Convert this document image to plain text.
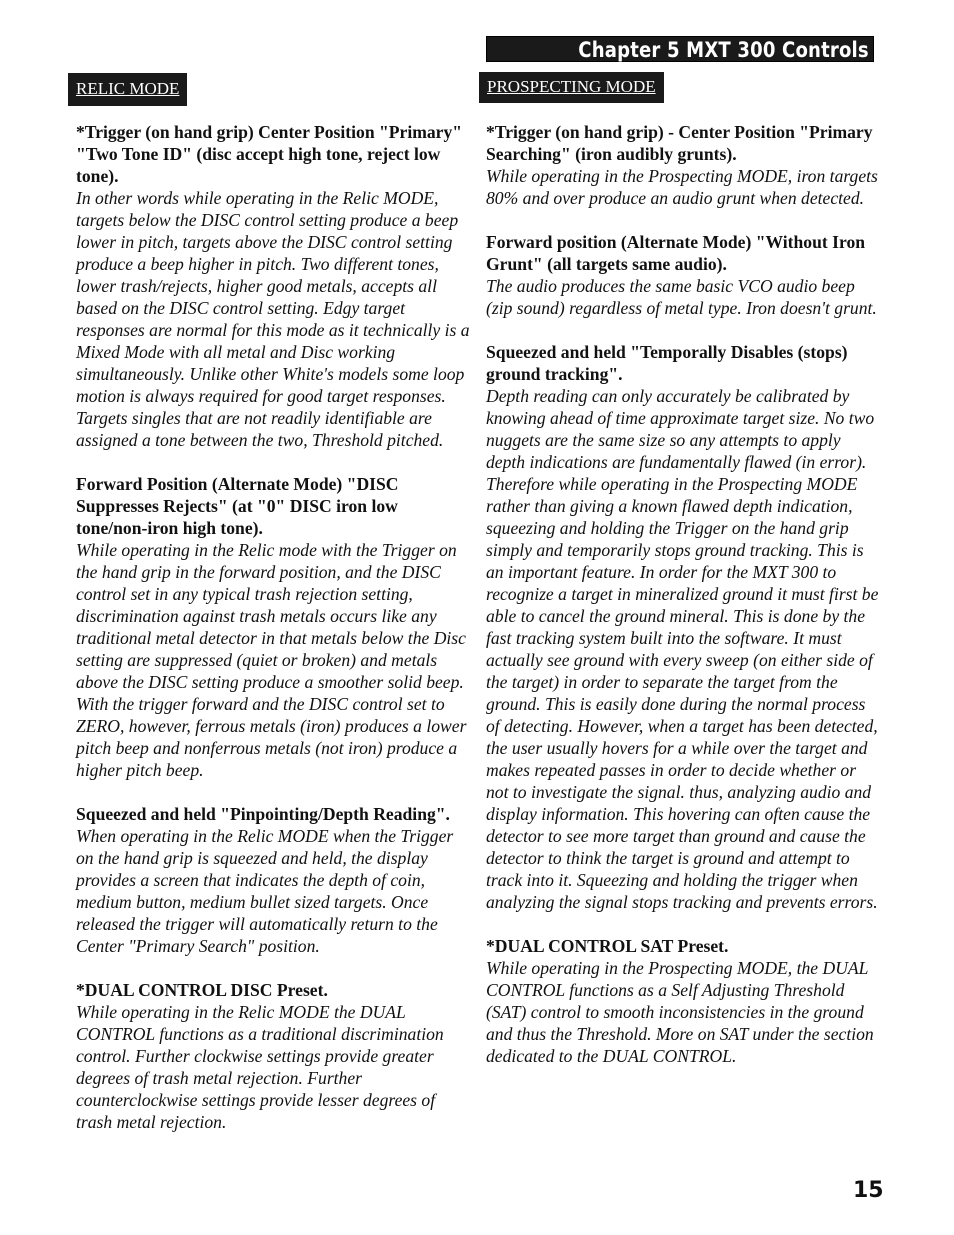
Chapter 5 MXT 300 Controls
RELIC MODE	PROSPECTING MODE

*Trigger (on hand grip) Center Position "Primary" "Two Tone ID" (disc accept high tone, reject low tone).

In other words while operating in the Relic MODE, targets below the DISC control setting produce a beep lower in pitch, targets above the DISC control setting produce a beep higher in pitch. Two different tones, lower trash/rejects, higher good metals, accepts all based on the DISC control setting. Edgy target responses are normal for this mode as it technically is a Mixed Mode with all metal and Disc working simultaneously. Unlike other White's models some loop motion is always required for good target responses. Targets singles that are not readily identifiable are assigned a tone between the two, Threshold pitched.

Forward Position (Alternate Mode) "DISC Suppresses Rejects" (at "0" DISC iron low tone/non-iron high tone).

While operating in the Relic mode with the Trigger on the hand grip in the forward position, and the DISC control set in any typical trash rejection setting, discrimination against trash metals occurs like any traditional metal detector in that metals below the Disc setting are suppressed (quiet or broken) and metals above the DISC setting produce a smoother solid beep. With the trigger forward and the DISC control set to ZERO, however, ferrous metals (iron) produces a lower pitch beep and nonferrous metals (not iron) produce a higher pitch beep.

Squeezed and held "Pinpointing/Depth Reading".

When operating in the Relic MODE when the Trigger on the hand grip is squeezed and held, the display provides a screen that indicates the depth of coin, medium button, medium bullet sized targets. Once released the trigger will automatically return to the Center "Primary Search" position.

*DUAL CONTROL DISC Preset.

While operating in the Relic MODE the DUAL CONTROL functions as a traditional discrimination control. Further clockwise settings provide greater degrees of trash metal rejection. Further counterclockwise settings provide lesser degrees of trash metal rejection.

*Trigger (on hand grip) - Center Position "Primary Searching" (iron audibly grunts).

While operating in the Prospecting MODE, iron targets 80% and over produce an audio grunt when detected.

Forward position (Alternate Mode) "Without Iron Grunt" (all targets same audio).

The audio produces the same basic VCO audio beep (zip sound) regardless of metal type. Iron doesn't grunt.

Squeezed and held "Temporally Disables (stops) ground tracking".

Depth reading can only accurately be calibrated by knowing ahead of time approximate target size. No two nuggets are the same size so any attempts to apply depth indications are fundamentally flawed (in error). Therefore while operating in the Prospecting MODE rather than giving a known flawed depth indication, squeezing and holding the Trigger on the hand grip simply and temporarily stops ground tracking. This is an important feature. In order for the MXT 300 to recognize a target in mineralized ground it must first be able to cancel the ground mineral. This is done by the fast tracking system built into the software. It must actually see ground with every sweep (on either side of the target) in order to separate the target from the ground. This is easily done during the normal process of detecting. However, when a target has been detected, the user usually hovers for a while over the target and makes repeated passes in order to decide whether or not to investigate the signal. thus, analyzing audio and display information. This hovering can often cause the detector to see more target than ground and cause the detector to think the target is ground and attempt to track into it. Squeezing and holding the trigger when analyzing the signal stops tracking and prevents errors.

*DUAL CONTROL SAT Preset.

While operating in the Prospecting MODE, the DUAL CONTROL functions as a Self Adjusting Threshold (SAT) control to smooth inconsistencies in the ground and thus the Threshold. More on SAT under the section dedicated to the DUAL CONTROL.

15
